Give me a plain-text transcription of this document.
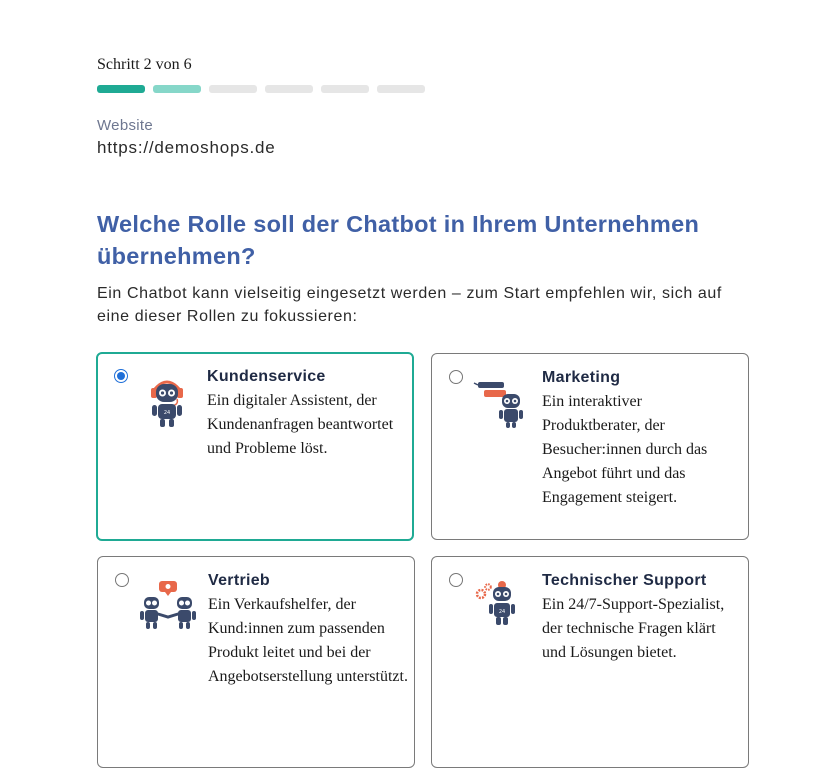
Schritt 2 von 6
Website
https://demoshops.de
Welche Rolle soll der Chatbot in Ihrem Unternehmen übernehmen?

Ein Chatbot kann vielseitig eingesetzt werden – zum Start empfehlen wir, sich auf eine dieser Rollen zu fokussieren:

24
Kundenservice
Ein digitaler Assistent, der Kundenanfragen beantwortet und Probleme löst.
Marketing
Ein interaktiver Produktberater, der Besucher:innen durch das Angebot führt und das Engagement steigert.
Vertrieb
Ein Verkaufshelfer, der Kund:innen zum passenden Produkt leitet und bei der Angebotserstellung unterstützt.
24
Technischer Support
Ein 24/7-Support-Spezialist, der technische Fragen klärt und Lösungen bietet.
